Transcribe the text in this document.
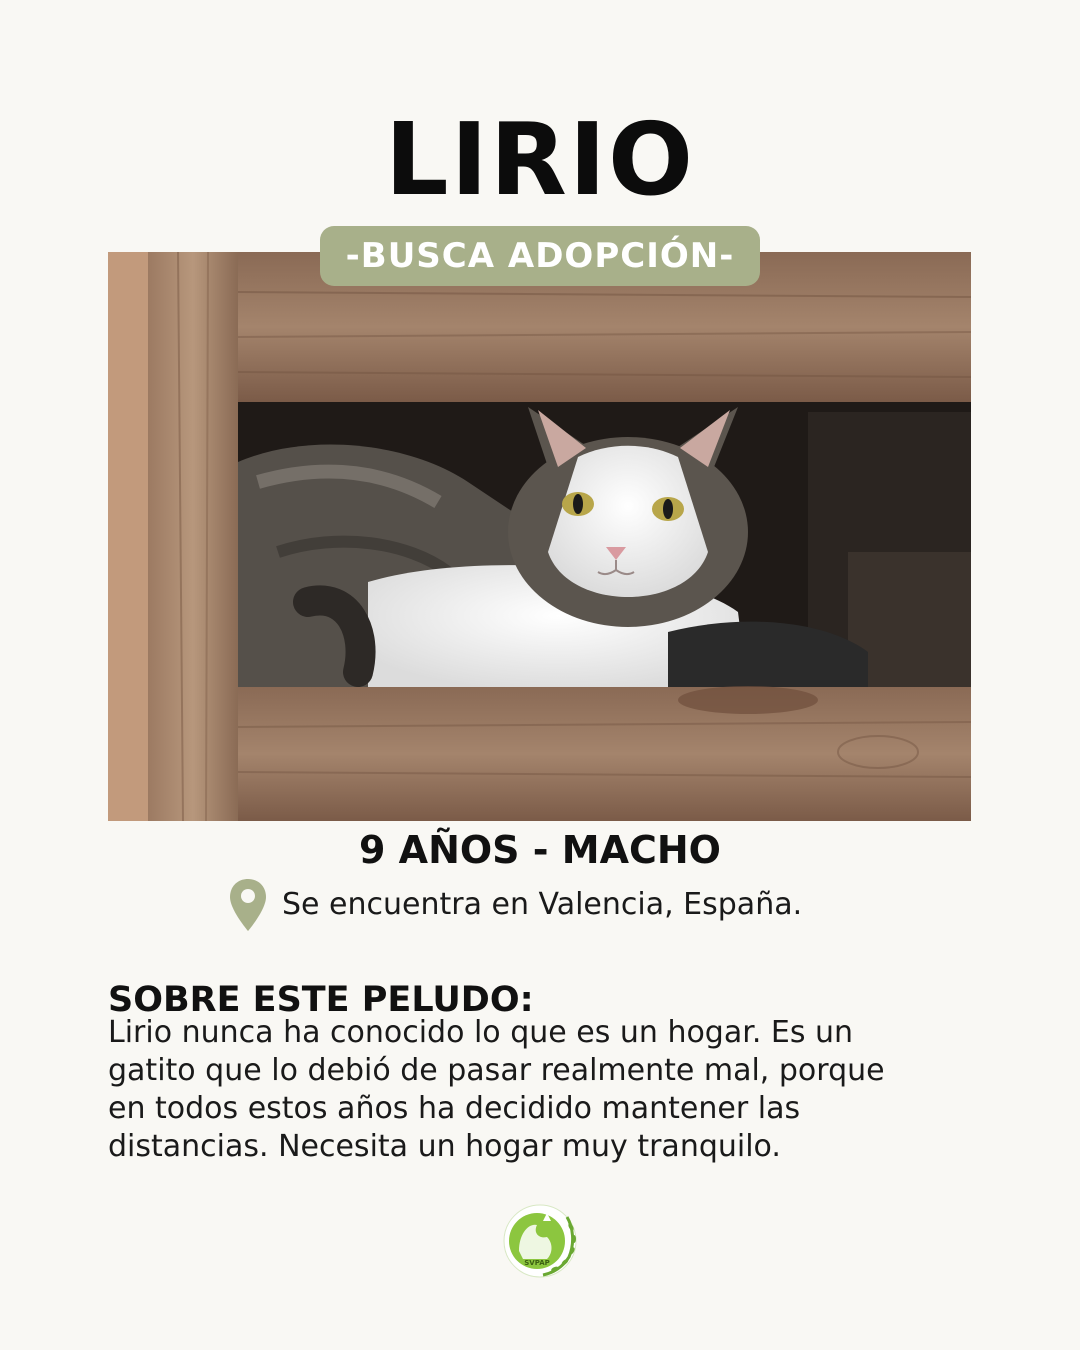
LIRIO
-BUSCA ADOPCIÓN-
9 AÑOS - MACHO
Se encuentra en Valencia, España.
SOBRE ESTE PELUDO:
Lirio nunca ha conocido lo que es un hogar. Es un
gatito que lo debió de pasar realmente mal, porque
en todos estos años ha decidido mantener las
distancias. Necesita un hogar muy tranquilo.
SVPAP
